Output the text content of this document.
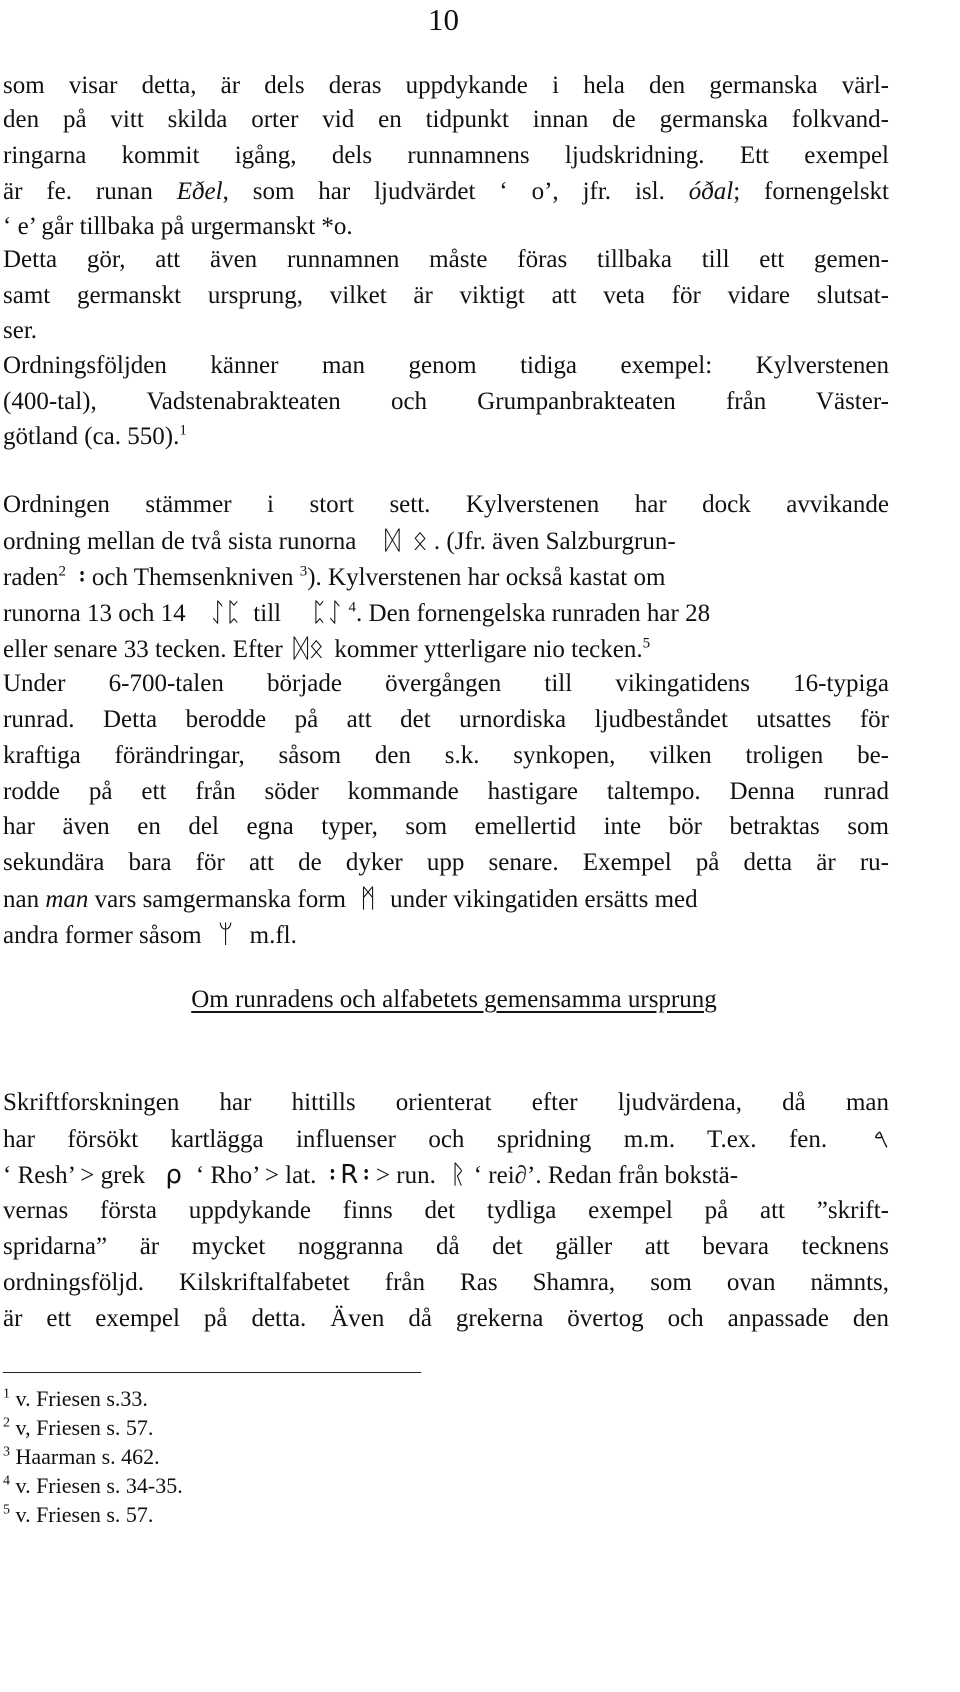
10
som visar detta, är dels deras uppdykande i hela den germanska värl-
den på vitt skilda orter vid en tidpunkt innan de germanska folkvand-
ringarna kommit igång, dels runnamnens ljudskridning. Ett exempel
är fe. runan Eðel, som har ljudvärdet ‘ o’, jfr. isl. óðal; fornengelskt
‘ e’ går tillbaka på urgermanskt *o.
Detta gör, att även runnamnen måste föras tillbaka till ett gemen-
samt germanskt ursprung, vilket är viktigt att veta för vidare slutsat-
ser.
Ordningsföljden känner man genom tidiga exempel: Kylverstenen
(400-tal), Vadstenabrakteaten och Grumpanbrakteaten från Väster-
götland (ca. 550).$^1$
Ordningen stämmer i stort sett. Kylverstenen har dock avvikande
ordning mellan de två sista runorna ᛞ ᛟ . (Jfr. även Salzburgrun-
raden$^2$ ᛬och Themsenkniven $^3$). Kylverstenen har också kastat om
runorna 13 och 14 ᛇᛈ till ᛈᛇ $^4$. Den fornengelska runraden har 28
eller senare 33 tecken. Efter ᛞᛟ kommer ytterligare nio tecken.$^5$
Under 6-700-talen började övergången till vikingatidens 16-typiga
runrad. Detta berodde på att det urnordiska ljudbeståndet utsattes för
kraftiga förändringar, såsom den s.k. synkopen, vilken troligen be-
rodde på ett från söder kommande hastigare taltempo. Denna runrad
har även en del egna typer, som emellertid inte bör betraktas som
sekundära bara för att de dyker upp senare. Exempel på detta är ru-
nan man vars samgermanska form ᛗ under vikingatiden ersätts med
andra former såsom ᛘ m.fl.
Om runradens och alfabetets gemensamma ursprung
Skriftforskningen har hittills orienterat efter ljudvärdena, då man
har försökt kartlägga influenser och spridning m.m. T.ex. fen. 𐤓
‘ Resh’ > grek ρ ‘ Rho’ > lat. ᛬R᛬> run. ᚱ ‘ rei∂’. Redan från bokstä-
vernas första uppdykande finns det tydliga exempel på att ”skrift-
spridarna” är mycket noggranna då det gäller att bevara tecknens
ordningsföljd. Kilskriftalfabetet från Ras Shamra, som ovan nämnts,
är ett exempel på detta. Även då grekerna övertog och anpassade den
$^1$ v. Friesen s.33.
$^2$ v, Friesen s. 57.
$^3$ Haarman s. 462.
$^4$ v. Friesen s. 34-35.
$^5$ v. Friesen s. 57.
